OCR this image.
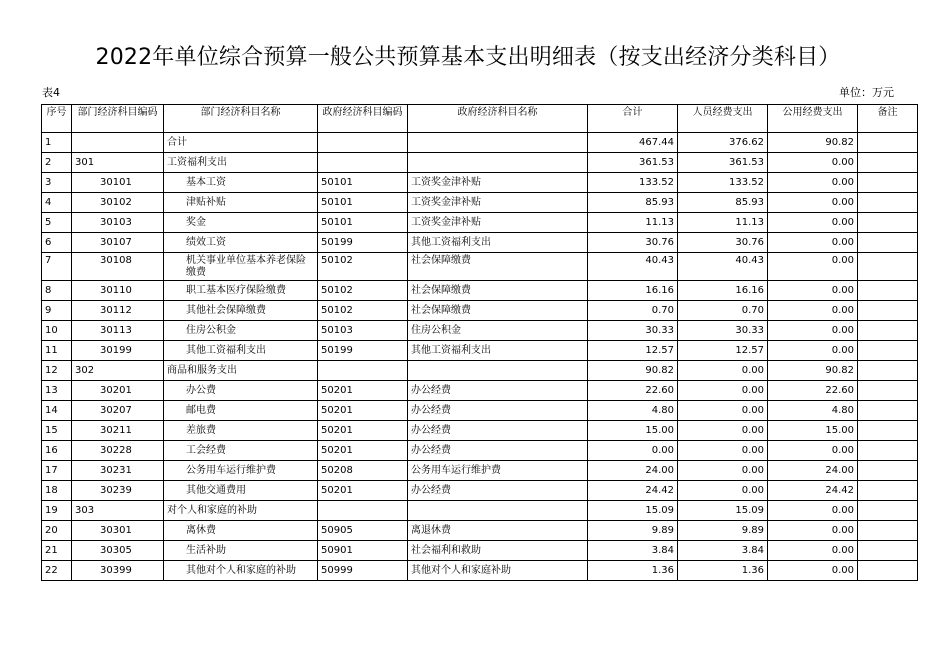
2022年单位综合预算一般公共预算基本支出明细表（按支出经济分类科目）
表4	单位：万元
序号	部门经济科目编码	部门经济科目名称	政府经济科目编码	政府经济科目名称	合计	人员经费支出	公用经费支出	备注
1		合计			467.44	376.62	90.82	
2	301	工资福利支出			361.53	361.53	0.00	
3	30101	基本工资	50101	工资奖金津补贴	133.52	133.52	0.00	
4	30102	津贴补贴	50101	工资奖金津补贴	85.93	85.93	0.00	
5	30103	奖金	50101	工资奖金津补贴	11.13	11.13	0.00	
6	30107	绩效工资	50199	其他工资福利支出	30.76	30.76	0.00	
7	30108	机关事业单位基本养老保险缴费	50102	社会保障缴费	40.43	40.43	0.00	
8	30110	职工基本医疗保险缴费	50102	社会保障缴费	16.16	16.16	0.00	
9	30112	其他社会保障缴费	50102	社会保障缴费	0.70	0.70	0.00	
10	30113	住房公积金	50103	住房公积金	30.33	30.33	0.00	
11	30199	其他工资福利支出	50199	其他工资福利支出	12.57	12.57	0.00	
12	302	商品和服务支出			90.82	0.00	90.82	
13	30201	办公费	50201	办公经费	22.60	0.00	22.60	
14	30207	邮电费	50201	办公经费	4.80	0.00	4.80	
15	30211	差旅费	50201	办公经费	15.00	0.00	15.00	
16	30228	工会经费	50201	办公经费	0.00	0.00	0.00	
17	30231	公务用车运行维护费	50208	公务用车运行维护费	24.00	0.00	24.00	
18	30239	其他交通费用	50201	办公经费	24.42	0.00	24.42	
19	303	对个人和家庭的补助			15.09	15.09	0.00	
20	30301	离休费	50905	离退休费	9.89	9.89	0.00	
21	30305	生活补助	50901	社会福利和救助	3.84	3.84	0.00	
22	30399	其他对个人和家庭的补助	50999	其他对个人和家庭补助	1.36	1.36	0.00	
